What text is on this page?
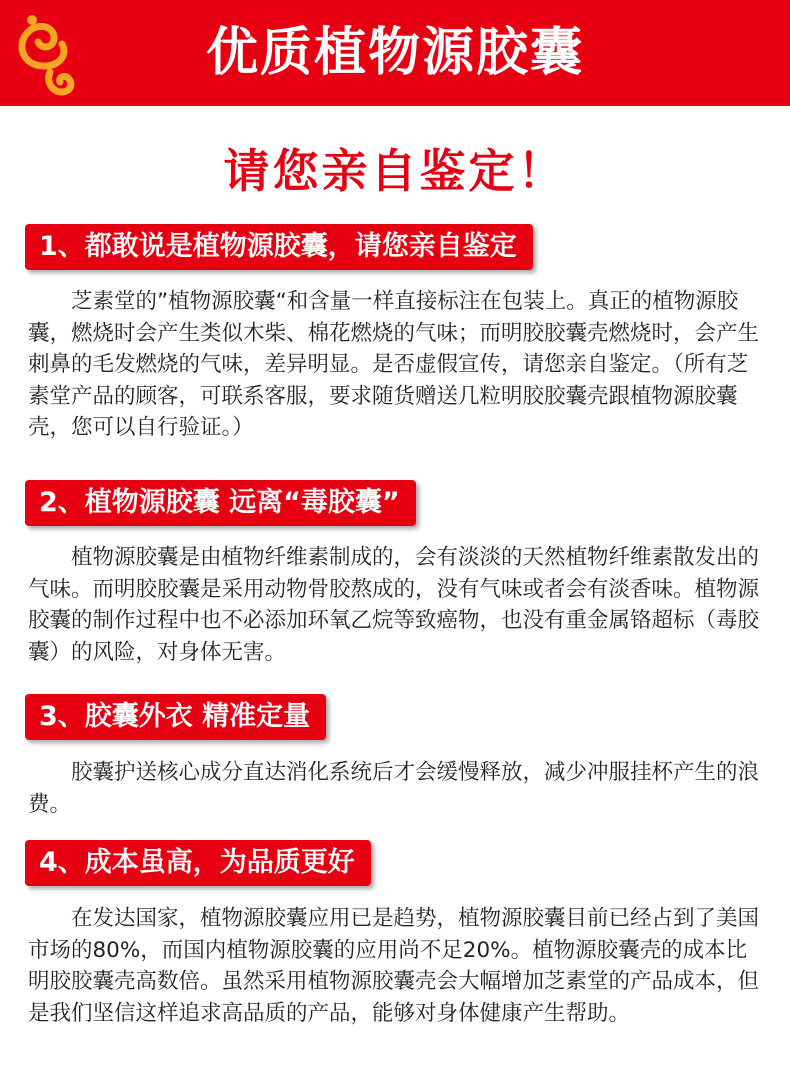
优质植物源胶囊
请您亲自鉴定！
1、都敢说是植物源胶囊，请您亲自鉴定

芝素堂的”植物源胶囊“和含量一样直接标注在包装上。真正的植物源胶囊，燃烧时会产生类似木柴、棉花燃烧的气味；而明胶胶囊壳燃烧时，会产生刺鼻的毛发燃烧的气味，差异明显。是否虚假宣传，请您亲自鉴定。（所有芝素堂产品的顾客，可联系客服，要求随货赠送几粒明胶胶囊壳跟植物源胶囊壳，您可以自行验证。）

2、植物源胶囊 远离“毒胶囊”

植物源胶囊是由植物纤维素制成的，会有淡淡的天然植物纤维素散发出的气味。而明胶胶囊是采用动物骨胶熬成的，没有气味或者会有淡香味。植物源胶囊的制作过程中也不必添加环氧乙烷等致癌物，也没有重金属铬超标（毒胶囊）的风险，对身体无害。

3、胶囊外衣 精准定量

胶囊护送核心成分直达消化系统后才会缓慢释放，减少冲服挂杯产生的浪费。

4、成本虽高，为品质更好

在发达国家，植物源胶囊应用已是趋势，植物源胶囊目前已经占到了美国市场的80%，而国内植物源胶囊的应用尚不足20%。植物源胶囊壳的成本比明胶胶囊壳高数倍。虽然采用植物源胶囊壳会大幅增加芝素堂的产品成本，但是我们坚信这样追求高品质的产品，能够对身体健康产生帮助。
